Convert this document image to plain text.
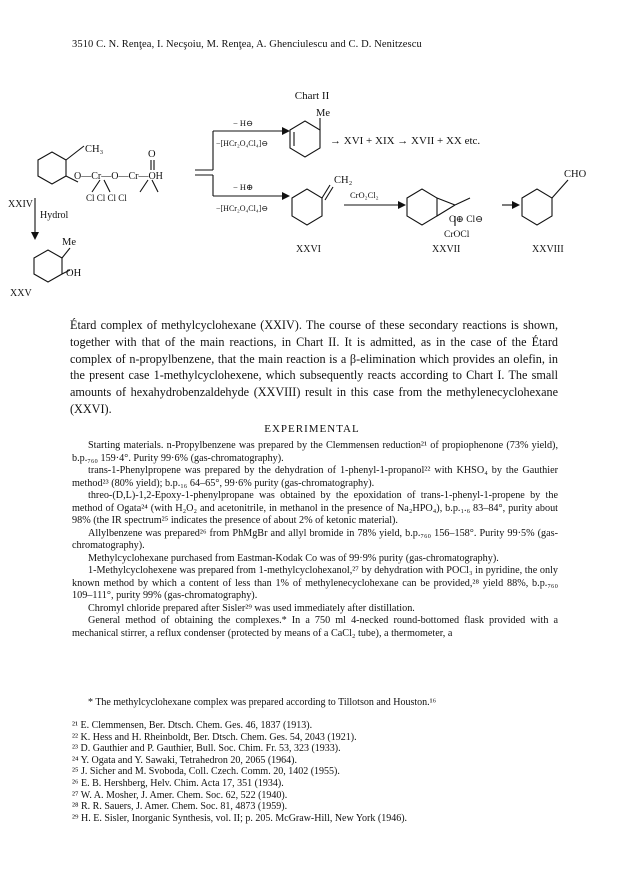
3510 C. N. Renţea, I. Necşoiu, M. Renţea, A. Ghenciulescu and C. D. Nenitzescu
Chart II
Me
CH₃	O
O—Cr—O—Cr—OH
Cl Cl Cl Cl
− H⊖
−[HCr₂O₄Cl₄]⊖	→ XVI + XIX → XVII + XX etc.
− H⊕
−[HCr₂O₄Cl₄]⊖
CH₂
CrO₂Cl₂
O⊕ Cl⊖
CrOCl
CHO
XXIV
Hydrol
Me
OH
XXV
XXVI	XXVII	XXVIII

Étard complex of methylcyclohexane (XXIV). The course of these secondary reactions is shown, together with that of the main reactions, in Chart II. It is admitted, as in the case of the Étard complex of n-propylbenzene, that the main reaction is a β-elimination which provides an olefin, in the present case 1-methylcyclohexene, which subsequently reacts according to Chart I. The small amounts of hexahydrobenzaldehyde (XXVIII) result in this case from the methylenecyclohexane (XXVI).

EXPERIMENTAL

Starting materials. n-Propylbenzene was prepared by the Clemmensen reduction²¹ of propiophenone (73% yield), b.p.₇₆₀ 159·4°. Purity 99·6% (gas-chromatography).

trans-1-Phenylpropene was prepared by the dehydration of 1-phenyl-1-propanol²² with KHSO₄ by the Gauthier method²³ (80% yield); b.p.₁₆ 64–65°, 99·6% purity (gas-chromatography).

threo-(D,L)-1,2-Epoxy-1-phenylpropane was obtained by the epoxidation of trans-1-phenyl-1-propene by the method of Ogata²⁴ (with H₂O₂ and acetonitrile, in methanol in the presence of Na₂HPO₄), b.p.₁.₆ 83–84°, purity about 98% (the IR spectrum²⁵ indicates the presence of about 2% of ketonic material).

Allylbenzene was prepared²⁶ from PhMgBr and allyl bromide in 78% yield, b.p.₇₆₀ 156–158°. Purity 99·5% (gas-chromatography).

Methylcyclohexane purchased from Eastman-Kodak Co was of 99·9% purity (gas-chromatography).

1-Methylcyclohexene was prepared from 1-methylcyclohexanol,²⁷ by dehydration with POCl₃ in pyridine, the only known method by which a content of less than 1% of methylenecyclohexane can be provided,²⁸ yield 88%, b.p.₇₆₀ 109–111°, purity 99% (gas-chromatography).

Chromyl chloride prepared after Sisler²⁹ was used immediately after distillation.

General method of obtaining the complexes.* In a 750 ml 4-necked round-bottomed flask provided with a mechanical stirrer, a reflux condenser (protected by means of a CaCl₂ tube), a thermometer, a

* The methylcyclohexane complex was prepared according to Tillotson and Houston.¹⁶
²¹ E. Clemmensen, Ber. Dtsch. Chem. Ges. 46, 1837 (1913).
²² K. Hess and H. Rheinboldt, Ber. Dtsch. Chem. Ges. 54, 2043 (1921).
²³ D. Gauthier and P. Gauthier, Bull. Soc. Chim. Fr. 53, 323 (1933).
²⁴ Y. Ogata and Y. Sawaki, Tetrahedron 20, 2065 (1964).
²⁵ J. Sicher and M. Svoboda, Coll. Czech. Comm. 20, 1402 (1955).
²⁶ E. B. Hershberg, Helv. Chim. Acta 17, 351 (1934).
²⁷ W. A. Mosher, J. Amer. Chem. Soc. 62, 522 (1940).
²⁸ R. R. Sauers, J. Amer. Chem. Soc. 81, 4873 (1959).
²⁹ H. E. Sisler, Inorganic Synthesis, vol. II; p. 205. McGraw-Hill, New York (1946).
